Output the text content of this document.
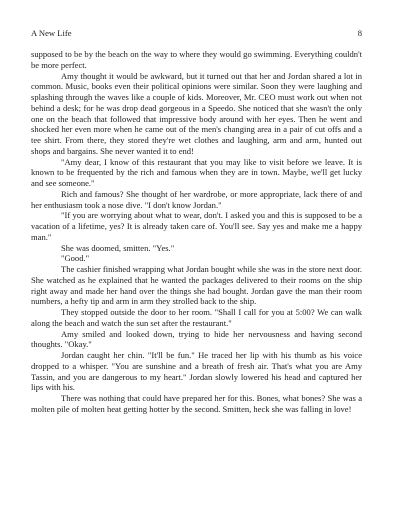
A New Life	8

supposed to be by the beach on the way to where they would go swimming. Everything couldn't be more perfect.

Amy thought it would be awkward, but it turned out that her and Jordan shared a lot in common. Music, books even their political opinions were similar. Soon they were laughing and splashing through the waves like a couple of kids. Moreover, Mr. CEO must work out when not behind a desk; for he was drop dead gorgeous in a Speedo. She noticed that she wasn't the only one on the beach that followed that impressive body around with her eyes. Then he went and shocked her even more when he came out of the men's changing area in a pair of cut offs and a tee shirt. From there, they stored they're wet clothes and laughing, arm and arm, hunted out shops and bargains. She never wanted it to end!

"Amy dear, I know of this restaurant that you may like to visit before we leave. It is known to be frequented by the rich and famous when they are in town. Maybe, we'll get lucky and see someone."

Rich and famous? She thought of her wardrobe, or more appropriate, lack there of and her enthusiasm took a nose dive. "I don't know Jordan."

"If you are worrying about what to wear, don't. I asked you and this is supposed to be a vacation of a lifetime, yes? It is already taken care of. You'll see. Say yes and make me a happy man."

She was doomed, smitten. "Yes."

"Good."

The cashier finished wrapping what Jordan bought while she was in the store next door. She watched as he explained that he wanted the packages delivered to their rooms on the ship right away and made her hand over the things she had bought. Jordan gave the man their room numbers, a hefty tip and arm in arm they strolled back to the ship.

They stopped outside the door to her room. "Shall I call for you at 5:00? We can walk along the beach and watch the sun set after the restaurant."

Amy smiled and looked down, trying to hide her nervousness and having second thoughts. "Okay."

Jordan caught her chin. "It'll be fun." He traced her lip with his thumb as his voice dropped to a whisper. "You are sunshine and a breath of fresh air. That's what you are Amy Tassin, and you are dangerous to my heart." Jordan slowly lowered his head and captured her lips with his.

There was nothing that could have prepared her for this. Bones, what bones? She was a molten pile of molten heat getting hotter by the second. Smitten, heck she was falling in love!
